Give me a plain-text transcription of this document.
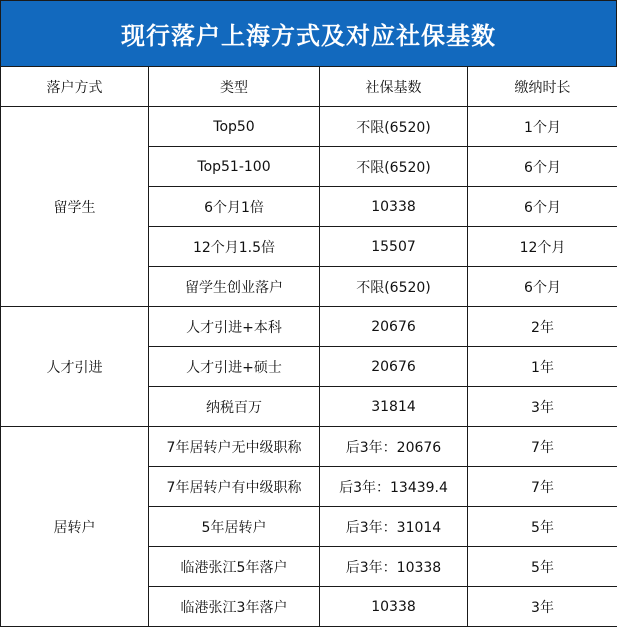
现行落户上海方式及对应社保基数
落户方式	类型	社保基数	缴纳时长
留学生	Top50	不限(6520)	1个月
	Top51-100	不限(6520)	6个月
	6个月1倍	10338	6个月
	12个月1.5倍	15507	12个月
	留学生创业落户	不限(6520)	6个月
人才引进	人才引进+本科	20676	2年
	人才引进+硕士	20676	1年
	纳税百万	31814	3年
居转户	7年居转户无中级职称	后3年：20676	7年
	7年居转户有中级职称	后3年：13439.4	7年
	5年居转户	后3年：31014	5年
	临港张江5年落户	后3年：10338	5年
	临港张江3年落户	10338	3年
